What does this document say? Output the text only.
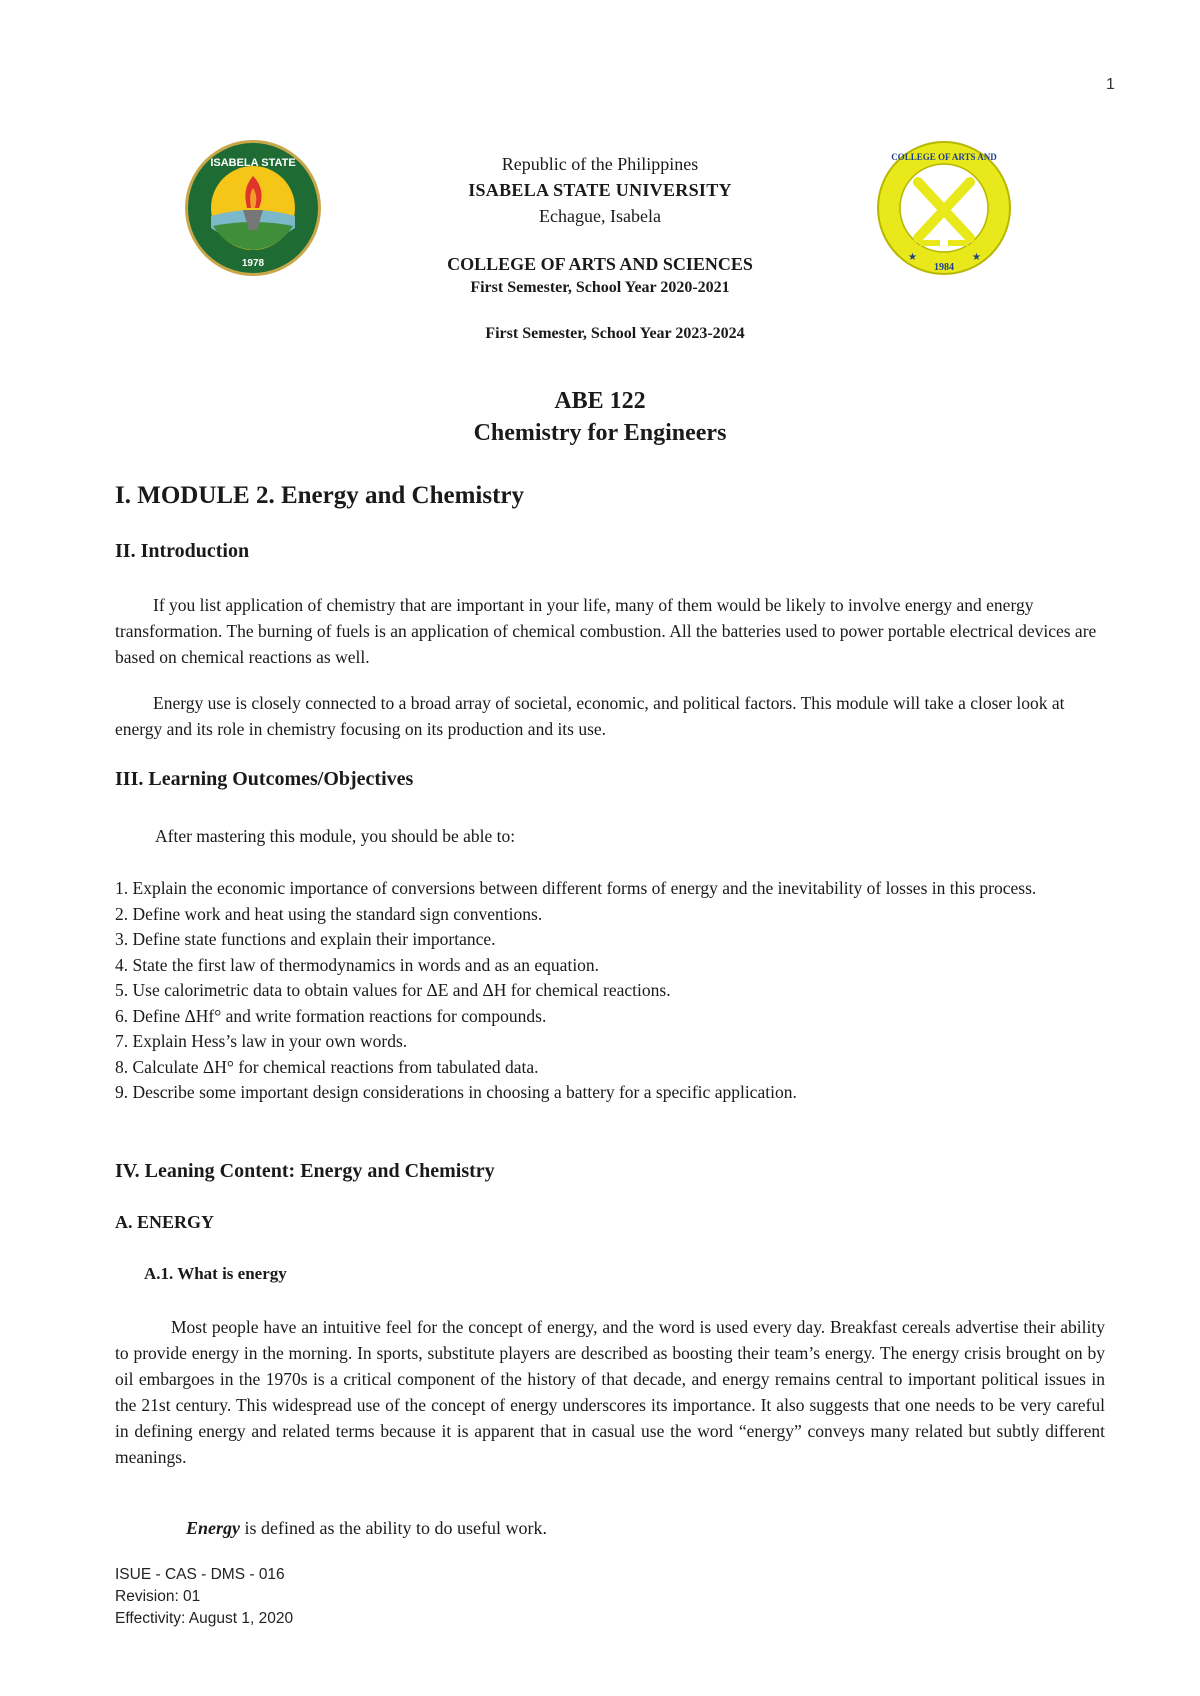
1
ISABELA STATE
1978
COLLEGE OF ARTS AND
1984
★	★
Republic of the Philippines
ISABELA STATE UNIVERSITY
Echague, Isabela
COLLEGE OF ARTS AND SCIENCES
First Semester, School Year 2020-2021
First Semester, School Year 2023-2024
ABE 122
Chemistry for Engineers
I. MODULE 2. Energy and Chemistry
II. Introduction
If you list application of chemistry that are important in your life, many of them would be likely to involve energy and energy transformation. The burning of fuels is an application of chemical combustion. All the batteries used to power portable electrical devices are based on chemical reactions as well.
Energy use is closely connected to a broad array of societal, economic, and political factors. This module will take a closer look at energy and its role in chemistry focusing on its production and its use.
III. Learning Outcomes/Objectives
After mastering this module, you should be able to:
1. Explain the economic importance of conversions between different forms of energy and the inevitability of losses in this process.
2. Define work and heat using the standard sign conventions.
3. Define state functions and explain their importance.
4. State the first law of thermodynamics in words and as an equation.
5. Use calorimetric data to obtain values for ΔE and ΔH for chemical reactions.
6. Define ΔHf° and write formation reactions for compounds.
7. Explain Hess’s law in your own words.
8. Calculate ΔH° for chemical reactions from tabulated data.
9. Describe some important design considerations in choosing a battery for a specific application.
IV. Leaning Content: Energy and Chemistry
A. ENERGY
A.1. What is energy
Most people have an intuitive feel for the concept of energy, and the word is used every day. Breakfast cereals advertise their ability to provide energy in the morning. In sports, substitute players are described as boosting their team’s energy. The energy crisis brought on by oil embargoes in the 1970s is a critical component of the history of that decade, and energy remains central to important political issues in the 21st century. This widespread use of the concept of energy underscores its importance. It also suggests that one needs to be very careful in defining energy and related terms because it is apparent that in casual use the word “energy” conveys many related but subtly different meanings.
Energy is defined as the ability to do useful work.
ISUE - CAS - DMS - 016
Revision: 01
Effectivity: August 1, 2020
